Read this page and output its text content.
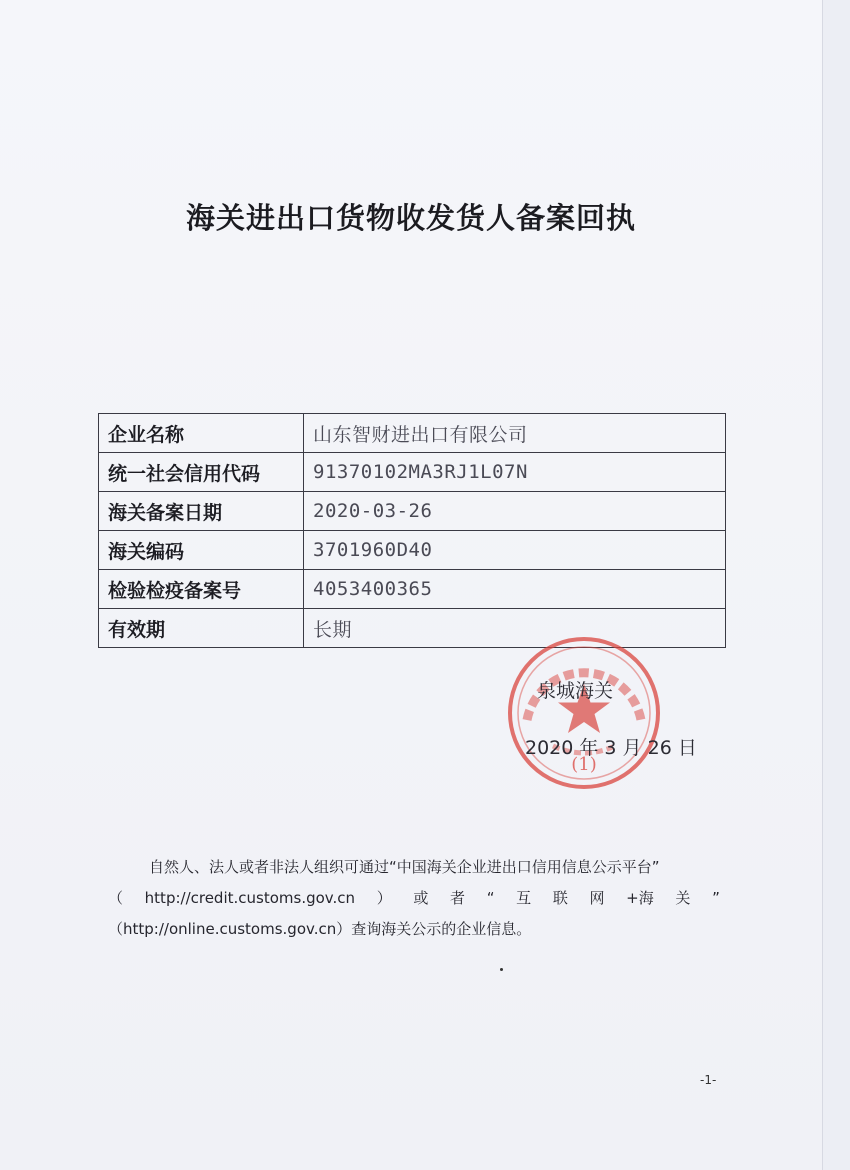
海关进出口货物收发货人备案回执
企业名称	山东智财进出口有限公司
统一社会信用代码	91370102MA3RJ1L07N
海关备案日期	2020-03-26
海关编码	3701960D40
检验检疫备案号	4053400365
有效期	长期
(1)
泉城海关
2020 年 3 月 26 日
自然人、法人或者非法人组织可通过“中国海关企业进出口信用信息公示平台”
（ http://credit.customs.gov.cn ） 或 者 “ 互 联 网 +海 关 ”
（http://online.customs.gov.cn）查询海关公示的企业信息。
-1-
